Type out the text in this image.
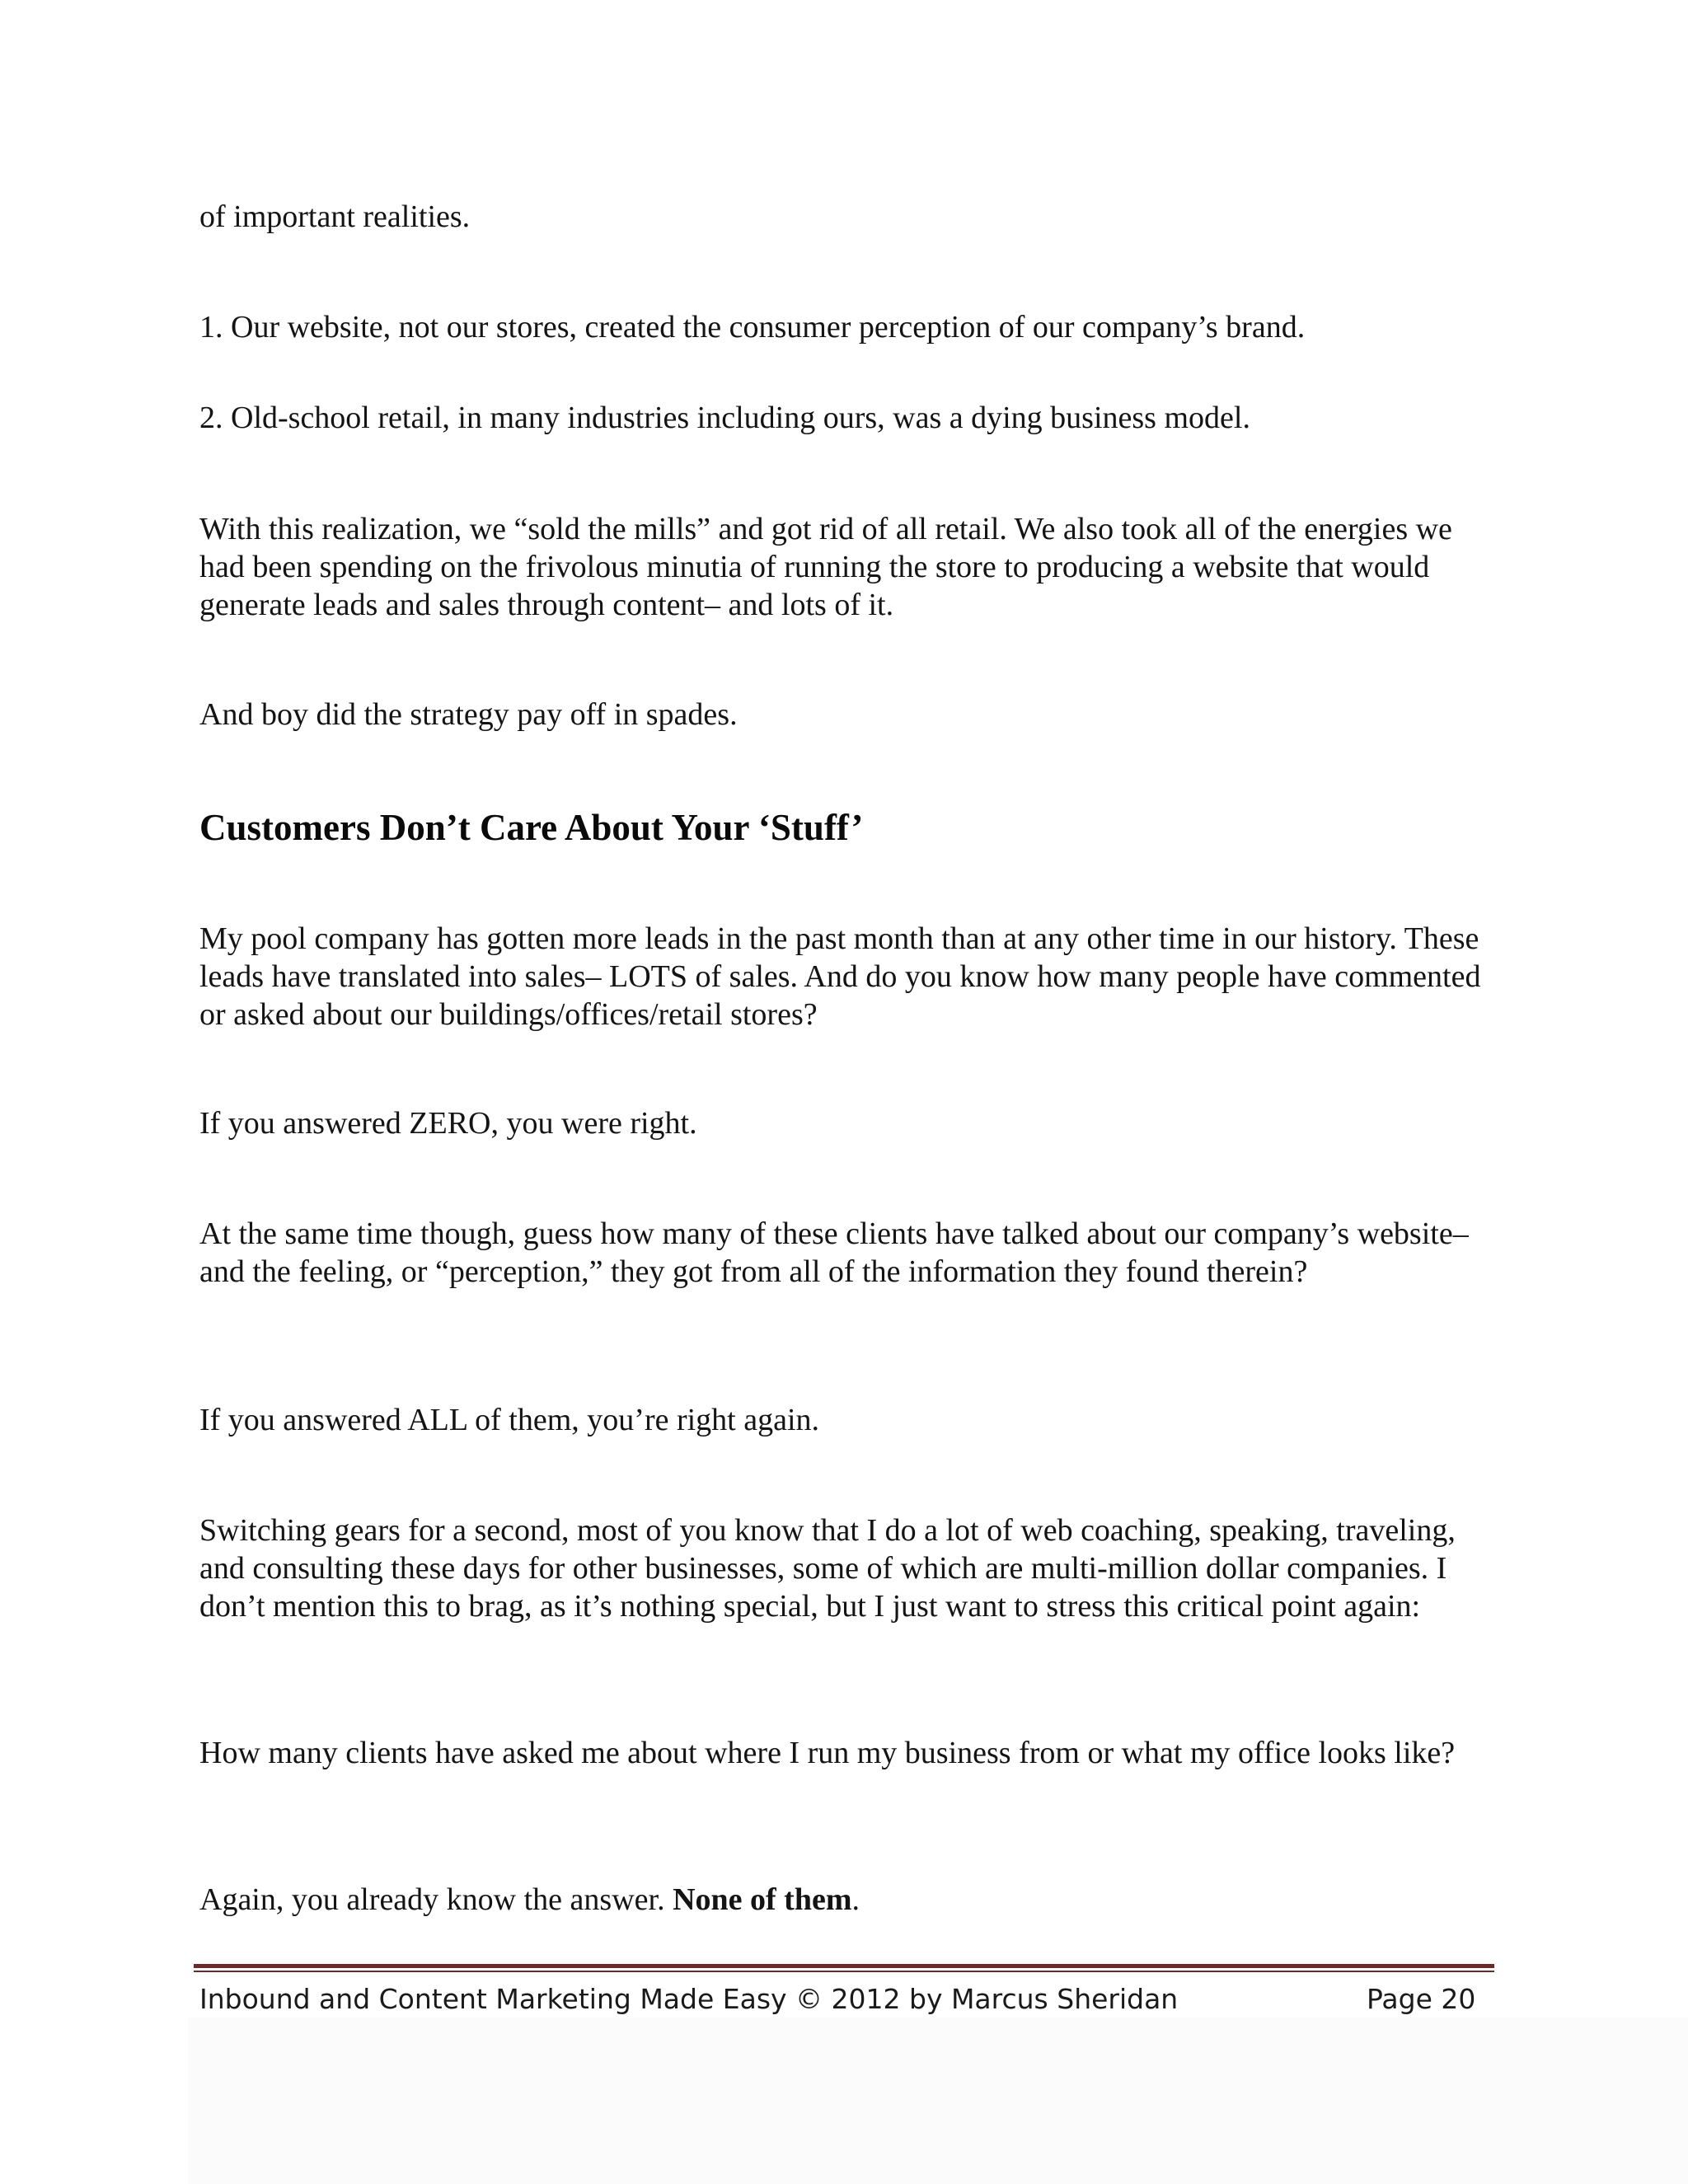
of important realities.

1. Our website, not our stores, created the consumer perception of our company’s brand.

2. Old-school retail, in many industries including ours, was a dying business model.

With this realization, we “sold the mills” and got rid of all retail. We also took all of the energies we had been spending on the frivolous minutia of running the store to producing a website that would generate leads and sales through content– and lots of it.

And boy did the strategy pay off in spades.

Customers Don’t Care About Your ‘Stuff’

My pool company has gotten more leads in the past month than at any other time in our history. These leads have translated into sales– LOTS of sales. And do you know how many people have commented or asked about our buildings/offices/retail stores?

If you answered ZERO, you were right.

At the same time though, guess how many of these clients have talked about our company’s website– and the feeling, or “perception,” they got from all of the information they found therein?

If you answered ALL of them, you’re right again.

Switching gears for a second, most of you know that I do a lot of web coaching, speaking, traveling, and consulting these days for other businesses, some of which are multi-million dollar companies. I don’t mention this to brag, as it’s nothing special, but I just want to stress this critical point again:

How many clients have asked me about where I run my business from or what my office looks like?

Again, you already know the answer. None of them.

Inbound and Content Marketing Made Easy © 2012 by Marcus Sheridan	Page 20
